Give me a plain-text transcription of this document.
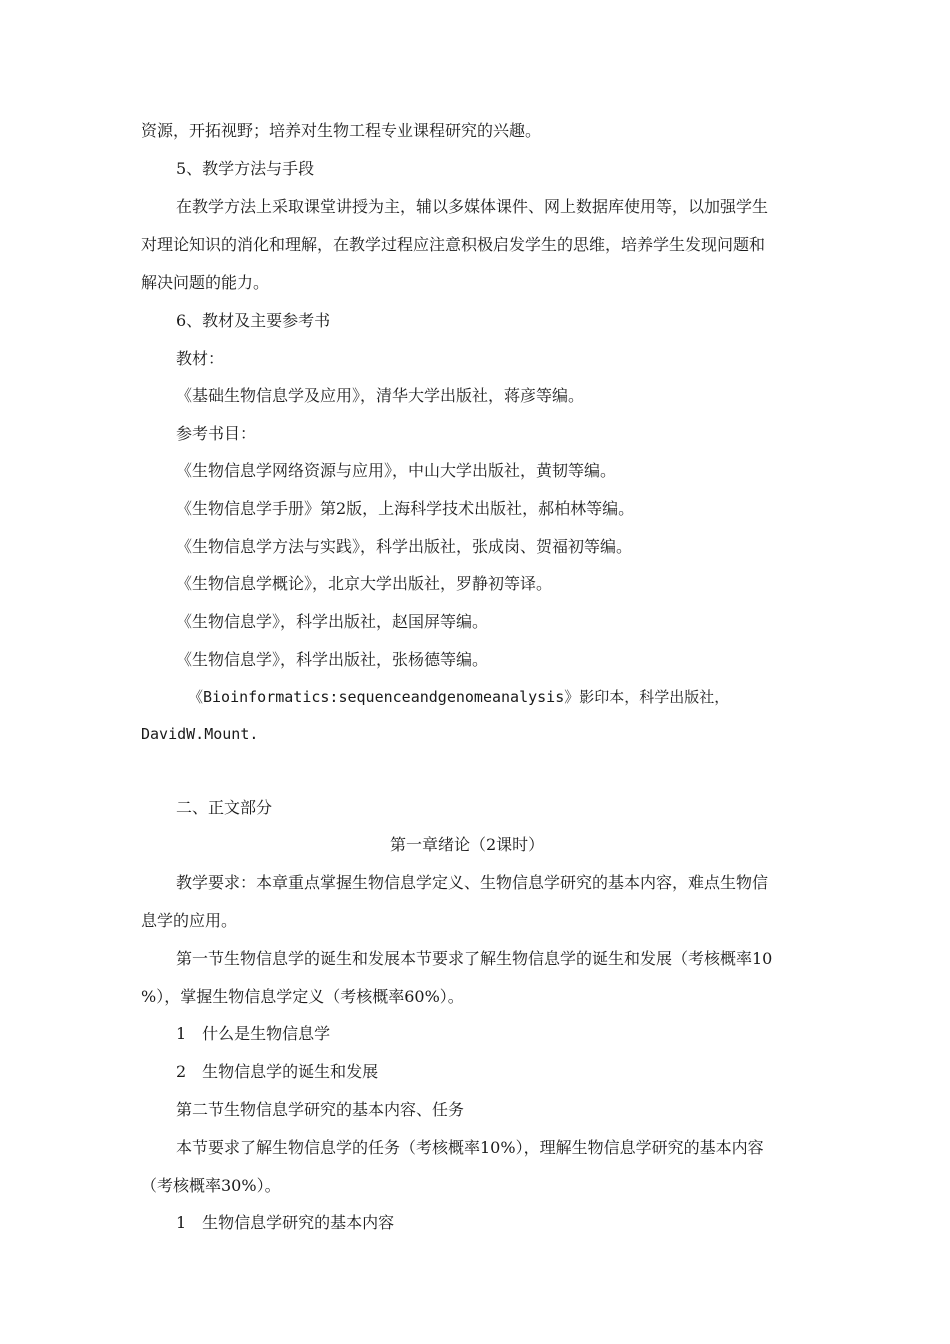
资源，开拓视野；培养对生物工程专业课程研究的兴趣。

5、教学方法与手段

在教学方法上采取课堂讲授为主，辅以多媒体课件、网上数据库使用等，以加强学生

对理论知识的消化和理解，在教学过程应注意积极启发学生的思维，培养学生发现问题和

解决问题的能力。

6、教材及主要参考书

教材：

《基础生物信息学及应用》，清华大学出版社，蒋彦等编。

参考书目：

《生物信息学网络资源与应用》，中山大学出版社，黄韧等编。

《生物信息学手册》第2版，上海科学技术出版社，郝柏林等编。

《生物信息学方法与实践》，科学出版社，张成岗、贺福初等编。

《生物信息学概论》，北京大学出版社，罗静初等译。

《生物信息学》，科学出版社，赵国屏等编。

《生物信息学》，科学出版社，张杨德等编。

《Bioinformatics:sequenceandgenomeanalysis》影印本，科学出版社，

DavidW.Mount.

二、正文部分

第一章绪论（2课时）

教学要求：本章重点掌握生物信息学定义、生物信息学研究的基本内容，难点生物信

息学的应用。

第一节生物信息学的诞生和发展本节要求了解生物信息学的诞生和发展（考核概率10

%），掌握生物信息学定义（考核概率60%）。

1　什么是生物信息学

2　生物信息学的诞生和发展

第二节生物信息学研究的基本内容、任务

本节要求了解生物信息学的任务（考核概率10%），理解生物信息学研究的基本内容

（考核概率30%）。

1　生物信息学研究的基本内容
